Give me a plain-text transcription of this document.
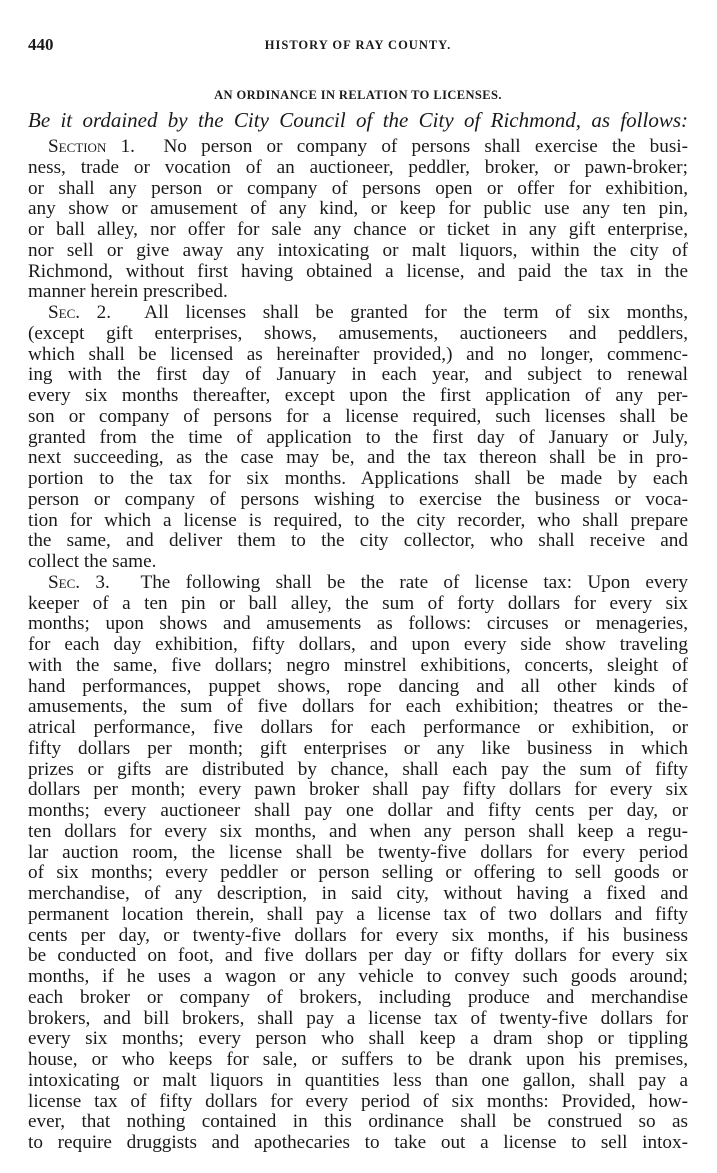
440	HISTORY OF RAY COUNTY.
AN ORDINANCE IN RELATION TO LICENSES.
Be it ordained by the City Council of the City of Richmond, as follows:
Section 1. No person or company of persons shall exercise the busi-
ness, trade or vocation of an auctioneer, peddler, broker, or pawn-broker;
or shall any person or company of persons open or offer for exhibition,
any show or amusement of any kind, or keep for public use any ten pin,
or ball alley, nor offer for sale any chance or ticket in any gift enterprise,
nor sell or give away any intoxicating or malt liquors, within the city of
Richmond, without first having obtained a license, and paid the tax in the
manner herein prescribed.
Sec. 2. All licenses shall be granted for the term of six months,
(except gift enterprises, shows, amusements, auctioneers and peddlers,
which shall be licensed as hereinafter provided,) and no longer, commenc-
ing with the first day of January in each year, and subject to renewal
every six months thereafter, except upon the first application of any per-
son or company of persons for a license required, such licenses shall be
granted from the time of application to the first day of January or July,
next succeeding, as the case may be, and the tax thereon shall be in pro-
portion to the tax for six months. Applications shall be made by each
person or company of persons wishing to exercise the business or voca-
tion for which a license is required, to the city recorder, who shall prepare
the same, and deliver them to the city collector, who shall receive and
collect the same.
Sec. 3. The following shall be the rate of license tax: Upon every
keeper of a ten pin or ball alley, the sum of forty dollars for every six
months; upon shows and amusements as follows: circuses or menageries,
for each day exhibition, fifty dollars, and upon every side show traveling
with the same, five dollars; negro minstrel exhibitions, concerts, sleight of
hand performances, puppet shows, rope dancing and all other kinds of
amusements, the sum of five dollars for each exhibition; theatres or the-
atrical performance, five dollars for each performance or exhibition, or
fifty dollars per month; gift enterprises or any like business in which
prizes or gifts are distributed by chance, shall each pay the sum of fifty
dollars per month; every pawn broker shall pay fifty dollars for every six
months; every auctioneer shall pay one dollar and fifty cents per day, or
ten dollars for every six months, and when any person shall keep a regu-
lar auction room, the license shall be twenty-five dollars for every period
of six months; every peddler or person selling or offering to sell goods or
merchandise, of any description, in said city, without having a fixed and
permanent location therein, shall pay a license tax of two dollars and fifty
cents per day, or twenty-five dollars for every six months, if his business
be conducted on foot, and five dollars per day or fifty dollars for every six
months, if he uses a wagon or any vehicle to convey such goods around;
each broker or company of brokers, including produce and merchandise
brokers, and bill brokers, shall pay a license tax of twenty-five dollars for
every six months; every person who shall keep a dram shop or tippling
house, or who keeps for sale, or suffers to be drank upon his premises,
intoxicating or malt liquors in quantities less than one gallon, shall pay a
license tax of fifty dollars for every period of six months: Provided, how-
ever, that nothing contained in this ordinance shall be construed so as
to require druggists and apothecaries to take out a license to sell intox-
